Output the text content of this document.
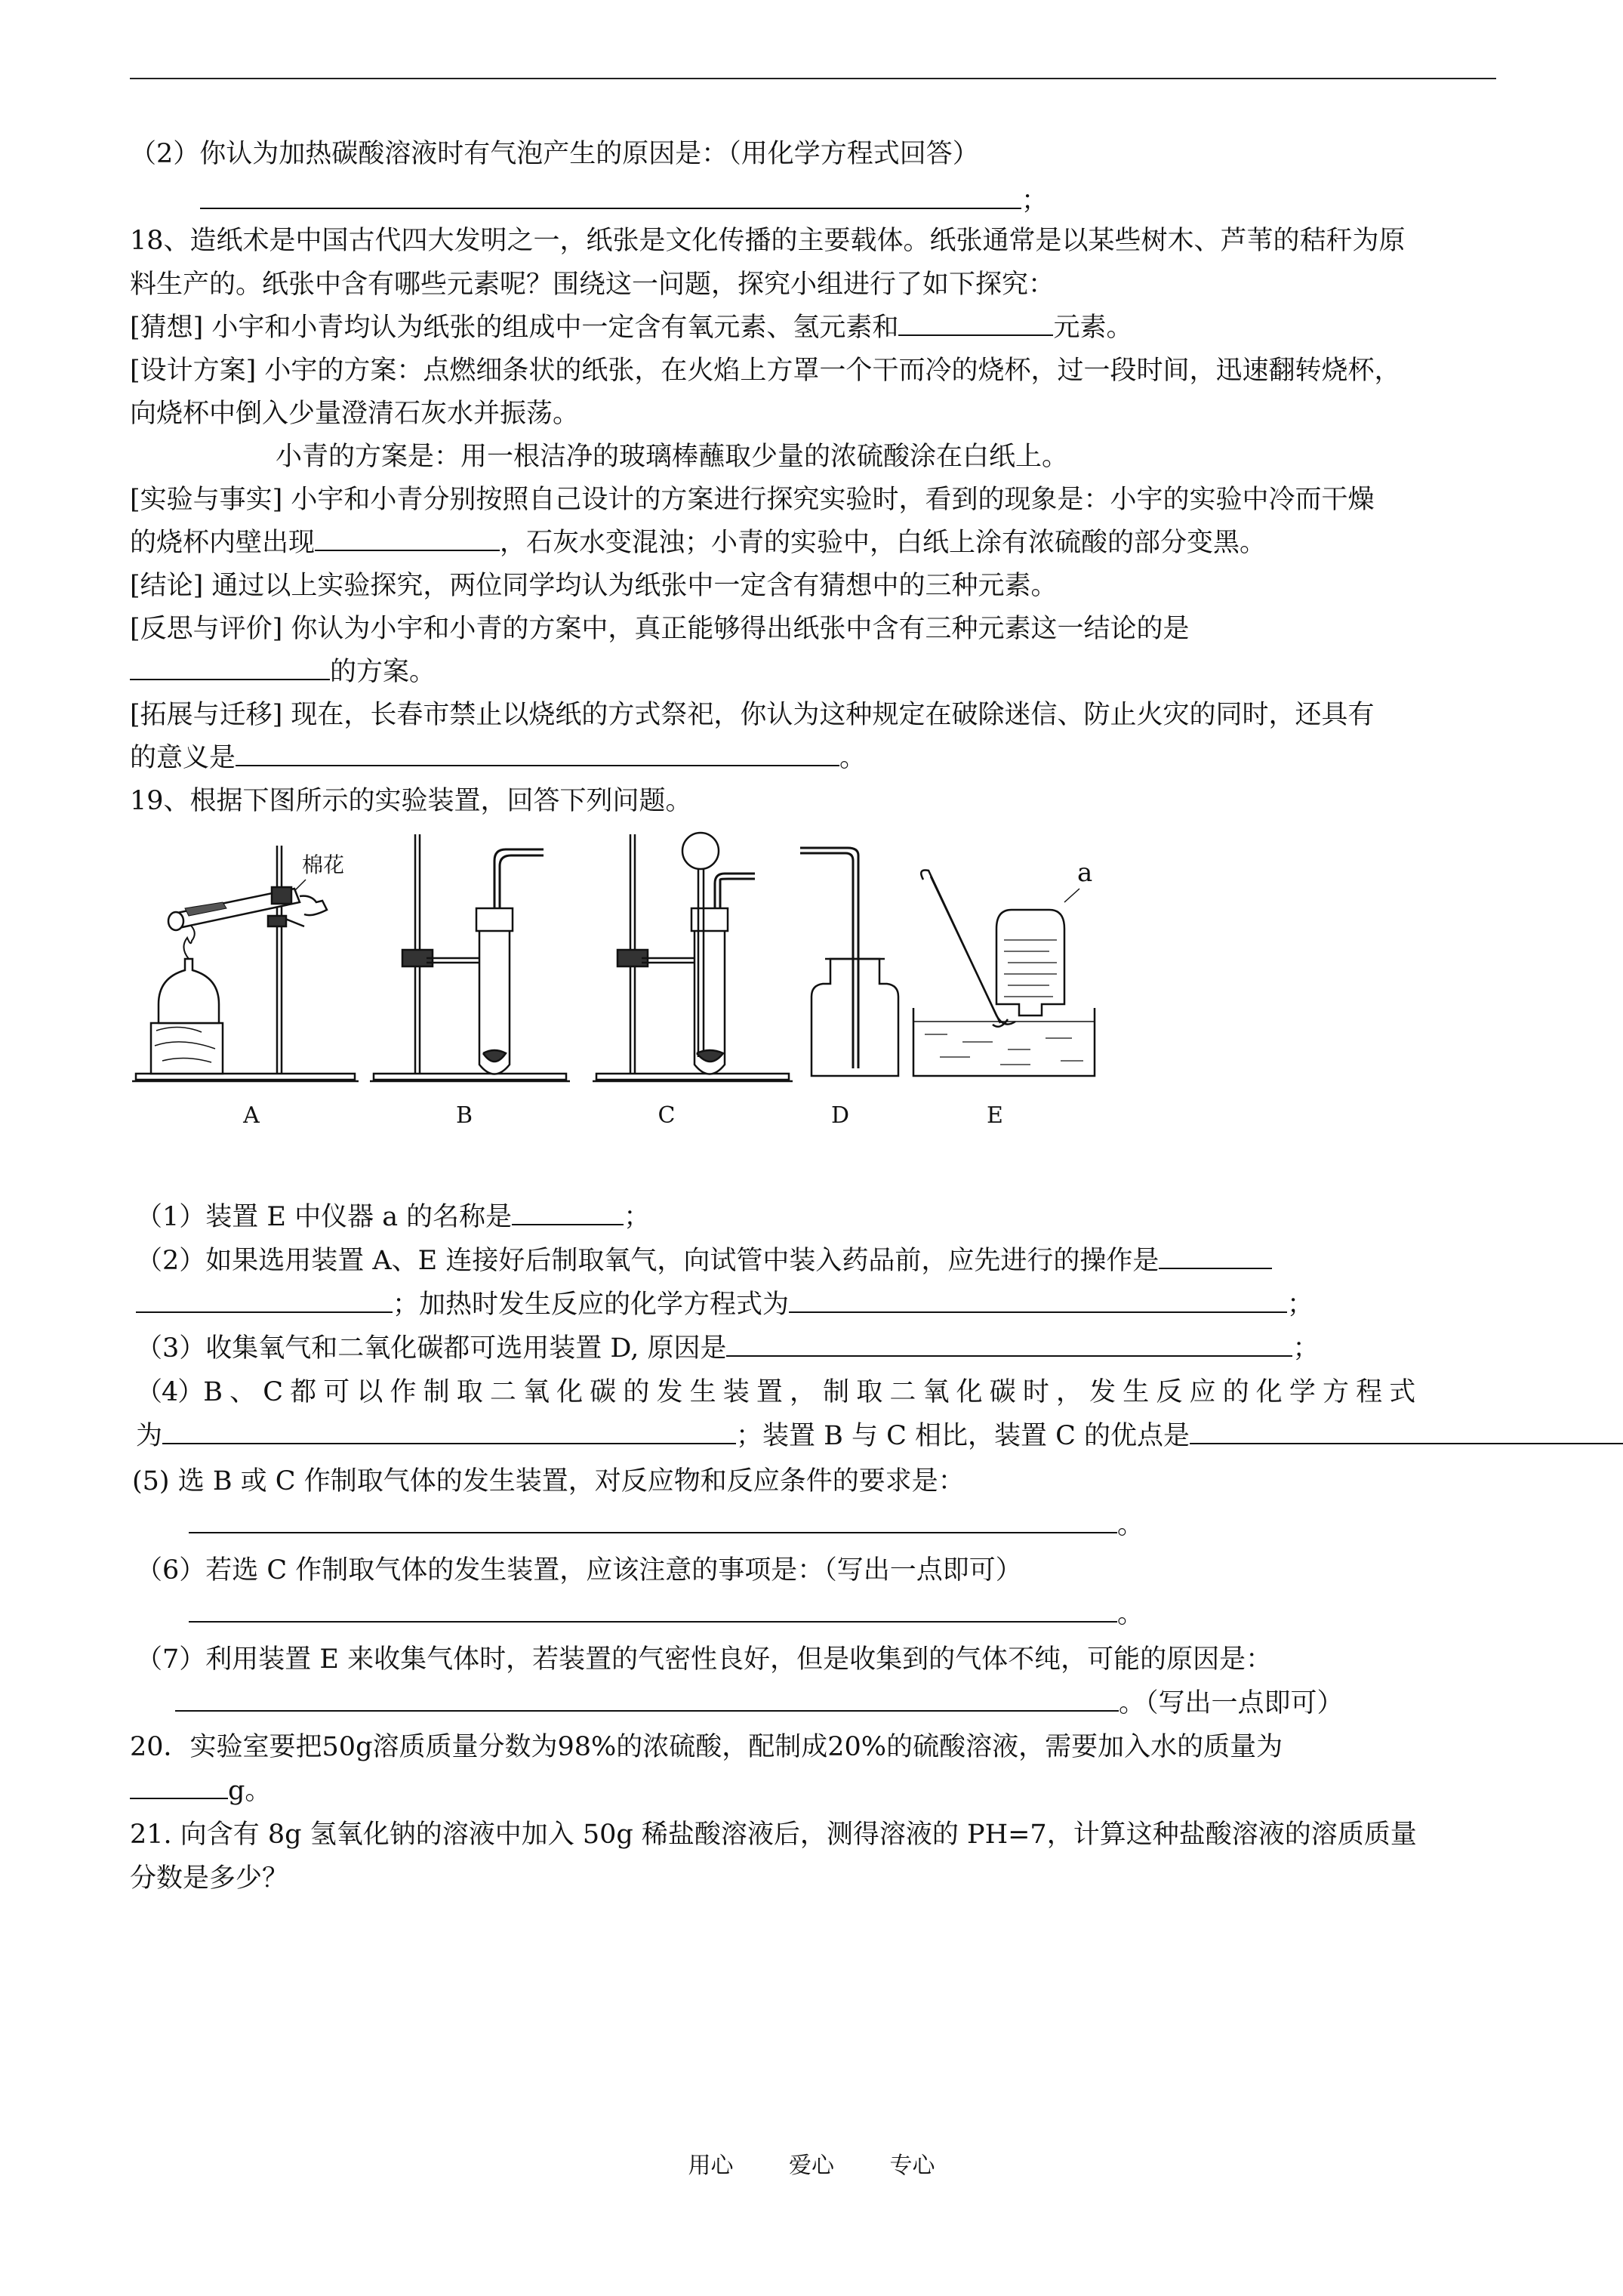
（2）你认为加热碳酸溶液时有气泡产生的原因是：（用化学方程式回答）
；
18、造纸术是中国古代四大发明之一，纸张是文化传播的主要载体。纸张通常是以某些树木、芦苇的秸秆为原
料生产的。纸张中含有哪些元素呢？围绕这一问题，探究小组进行了如下探究：
[猜想] 小宇和小青均认为纸张的组成中一定含有氧元素、氢元素和	元素。
[设计方案] 小宇的方案：点燃细条状的纸张，在火焰上方罩一个干而冷的烧杯，过一段时间，迅速翻转烧杯，
向烧杯中倒入少量澄清石灰水并振荡。
小青的方案是：用一根洁净的玻璃棒蘸取少量的浓硫酸涂在白纸上。
[实验与事实] 小宇和小青分别按照自己设计的方案进行探究实验时，看到的现象是：小宇的实验中冷而干燥
的烧杯内壁出现	，石灰水变混浊；小青的实验中，白纸上涂有浓硫酸的部分变黑。
[结论] 通过以上实验探究，两位同学均认为纸张中一定含有猜想中的三种元素。
[反思与评价] 你认为小宇和小青的方案中，真正能够得出纸张中含有三种元素这一结论的是
的方案。
[拓展与迁移] 现在，长春市禁止以烧纸的方式祭祀，你认为这种规定在破除迷信、防止火灾的同时，还具有
的意义是	。
19、根据下图所示的实验装置，回答下列问题。
棉花	a
A	B	C	D	E
（1）装置 E 中仪器 a 的名称是	；
（2）如果选用装置 A、E 连接好后制取氧气，向试管中装入药品前，应先进行的操作是
；加热时发生反应的化学方程式为	；
（3）收集氧气和二氧化碳都可选用装置 D, 原因是	；
（4）B 、 C 都 可 以 作 制 取 二 氧 化 碳 的 发 生 装 置 ， 制 取 二 氧 化 碳 时 ， 发 生 反 应 的 化 学 方 程 式
为	；装置 B 与 C 相比，装置 C 的优点是
(5) 选 B 或 C 作制取气体的发生装置，对反应物和反应条件的要求是：
。
（6）若选 C 作制取气体的发生装置，应该注意的事项是：（写出一点即可）
。
（7）利用装置 E 来收集气体时，若装置的气密性良好，但是收集到的气体不纯，可能的原因是：
。（写出一点即可）
20．实验室要把50g溶质质量分数为98%的浓硫酸，配制成20%的硫酸溶液，需要加入水的质量为
g。
21. 向含有 8g 氢氧化钠的溶液中加入 50g 稀盐酸溶液后，测得溶液的 PH=7，计算这种盐酸溶液的溶质质量
分数是多少？
用心 爱心 专心
